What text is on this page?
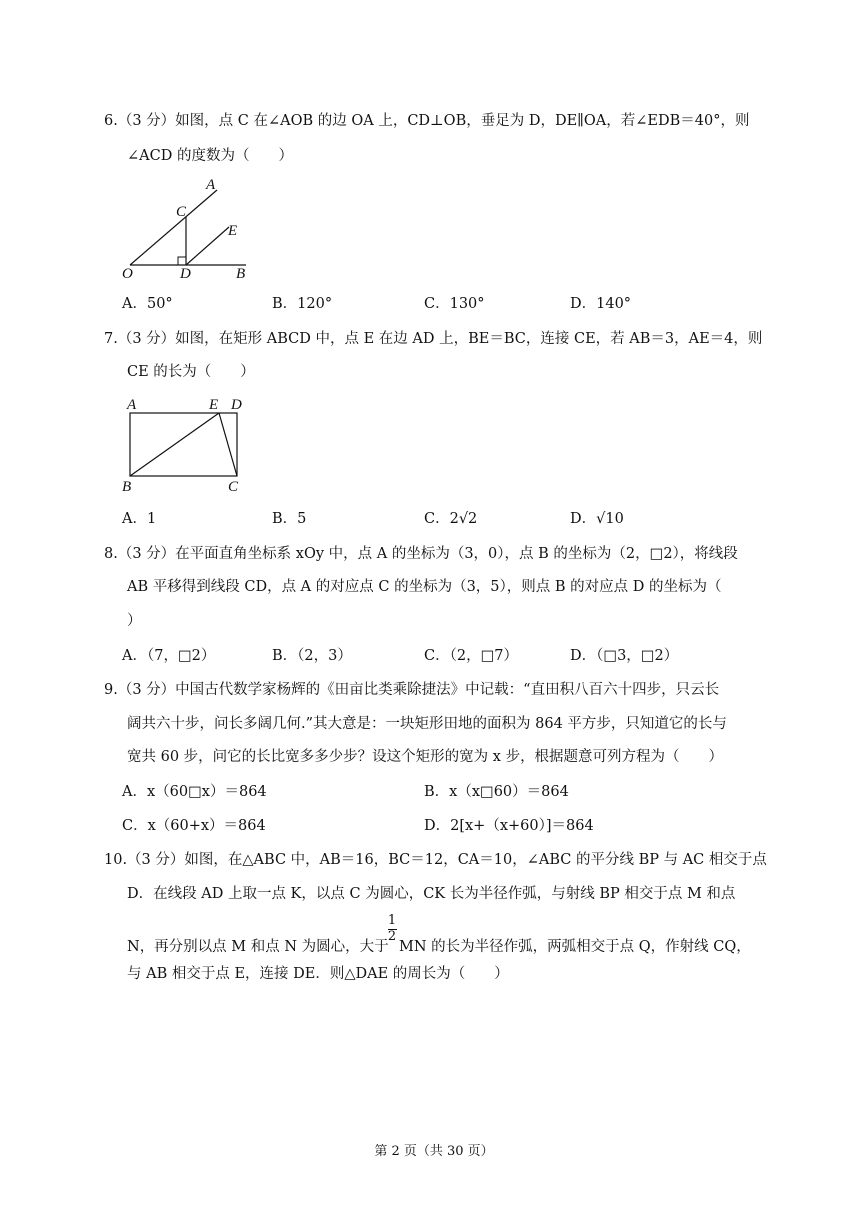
6.（3 分）如图，点 C 在∠AOB 的边 OA 上，CD⊥OB，垂足为 D，DE∥OA，若∠EDB＝40°，则
∠ACD 的度数为（　　）
A
C
E
O	D	B
A．50°	B．120°	C．130°	D．140°
7.（3 分）如图，在矩形 ABCD 中，点 E 在边 AD 上，BE＝BC，连接 CE，若 AB＝3，AE＝4，则
CE 的长为（　　）
A	E D
B	C
A．1	B．5	C．2√2	D．√10
8.（3 分）在平面直角坐标系 xOy 中，点 A 的坐标为（3，0），点 B 的坐标为（2，□2），将线段
AB 平移得到线段 CD，点 A 的对应点 C 的坐标为（3，5），则点 B 的对应点 D 的坐标为（
）
A．（7，□2）	B．（2，3）	C．（2，□7）	D．（□3，□2）
9.（3 分）中国古代数学家杨辉的《田亩比类乘除捷法》中记载：“直田积八百六十四步，只云长
阔共六十步，问长多阔几何.”其大意是：一块矩形田地的面积为 864 平方步，只知道它的长与
宽共 60 步，问它的长比宽多多少步？设这个矩形的宽为 x 步，根据题意可列方程为（　　）
A．x（60□x）＝864	B．x（x□60）＝864
C．x（60+x）＝864	D．2[x+（x+60）]＝864
10.（3 分）如图，在△ABC 中，AB＝16，BC＝12，CA＝10，∠ABC 的平分线 BP 与 AC 相交于点
D．在线段 AD 上取一点 K，以点 C 为圆心，CK 长为半径作弧，与射线 BP 相交于点 M 和点
N，再分别以点 M 和点 N 为圆心，大于
1
2
MN 的长为半径作弧，两弧相交于点 Q，作射线 CQ，
与 AB 相交于点 E，连接 DE．则△DAE 的周长为（　　）
第 2 页（共 30 页）
